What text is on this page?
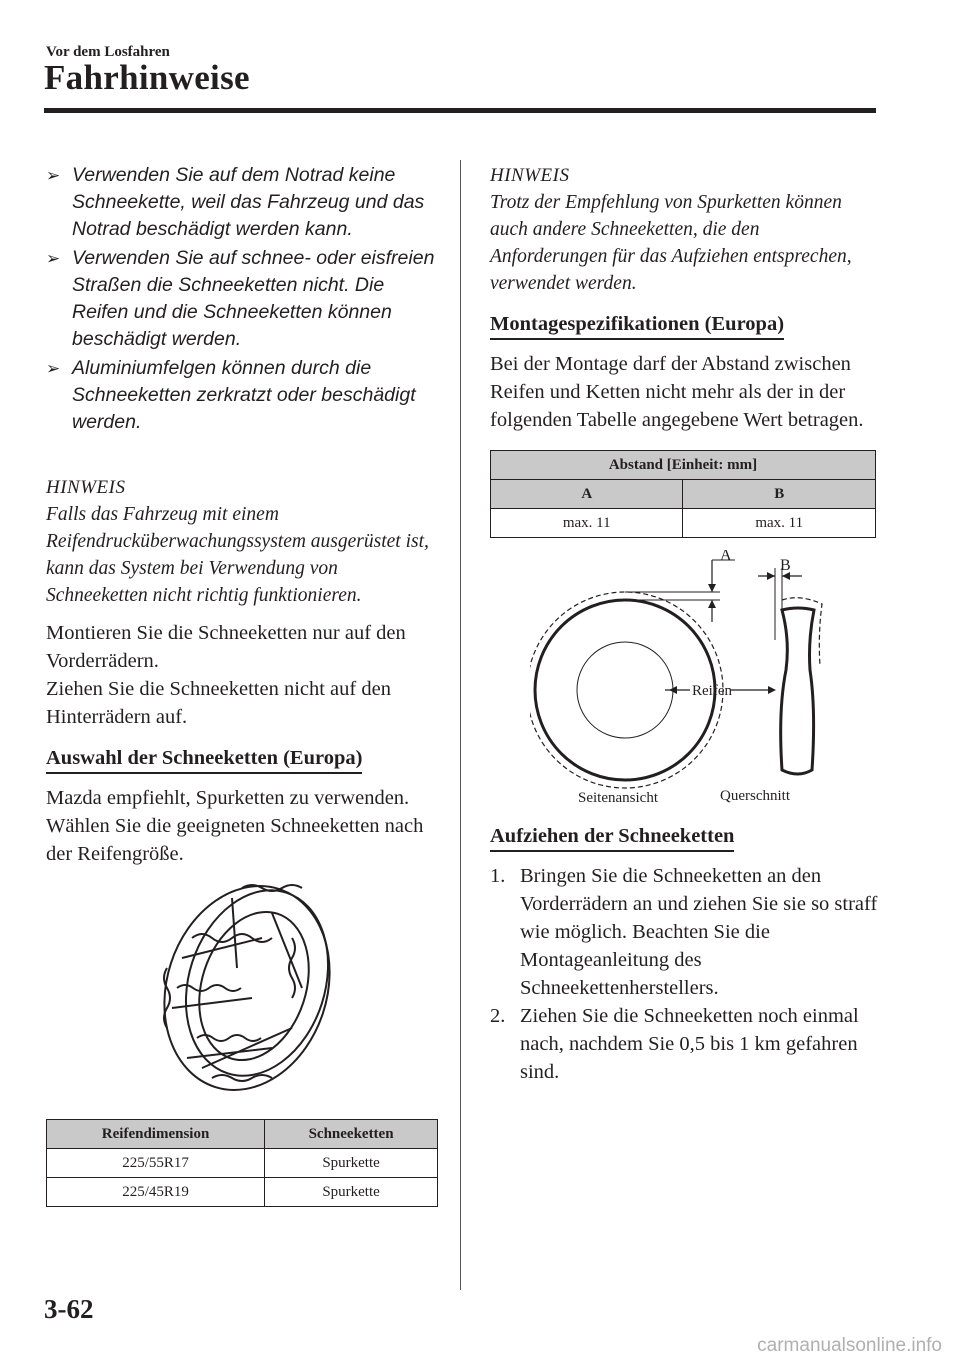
Vor dem Losfahren
Fahrhinweise
➢ Verwenden Sie auf dem Notrad keine Schneekette, weil das Fahrzeug und das Notrad beschädigt werden kann.
➢ Verwenden Sie auf schnee- oder eisfreien Straßen die Schneeketten nicht. Die Reifen und die Schneeketten können beschädigt werden.
➢ Aluminiumfelgen können durch die Schneeketten zerkratzt oder beschädigt werden.
HINWEIS
Falls das Fahrzeug mit einem Reifendrucküberwachungssystem ausgerüstet ist, kann das System bei Verwendung von Schneeketten nicht richtig funktionieren.
Montieren Sie die Schneeketten nur auf den Vorderrädern.
Ziehen Sie die Schneeketten nicht auf den Hinterrädern auf.
Auswahl der Schneeketten (Europa)
Mazda empfiehlt, Spurketten zu verwenden. Wählen Sie die geeigneten Schneeketten nach der Reifengröße.
Reifendimension	Schneeketten
225/55R17	Spurkette
225/45R19	Spurkette
HINWEIS
Trotz der Empfehlung von Spurketten können auch andere Schneeketten, die den Anforderungen für das Aufziehen entsprechen, verwendet werden.
Montagespezifikationen (Europa)
Bei der Montage darf der Abstand zwischen Reifen und Ketten nicht mehr als der in der folgenden Tabelle angegebene Wert betragen.
Abstand [Einheit: mm]	
A	B
max. 11	max. 11
A
B
Reifen
Seitenansicht	Querschnitt
Aufziehen der Schneeketten
1. Bringen Sie die Schneeketten an den Vorderrädern an und ziehen Sie sie so straff wie möglich. Beachten Sie die Montageanleitung des Schneekettenherstellers.
2. Ziehen Sie die Schneeketten noch einmal nach, nachdem Sie 0,5 bis 1 km gefahren sind.
3-62
carmanualsonline.info
